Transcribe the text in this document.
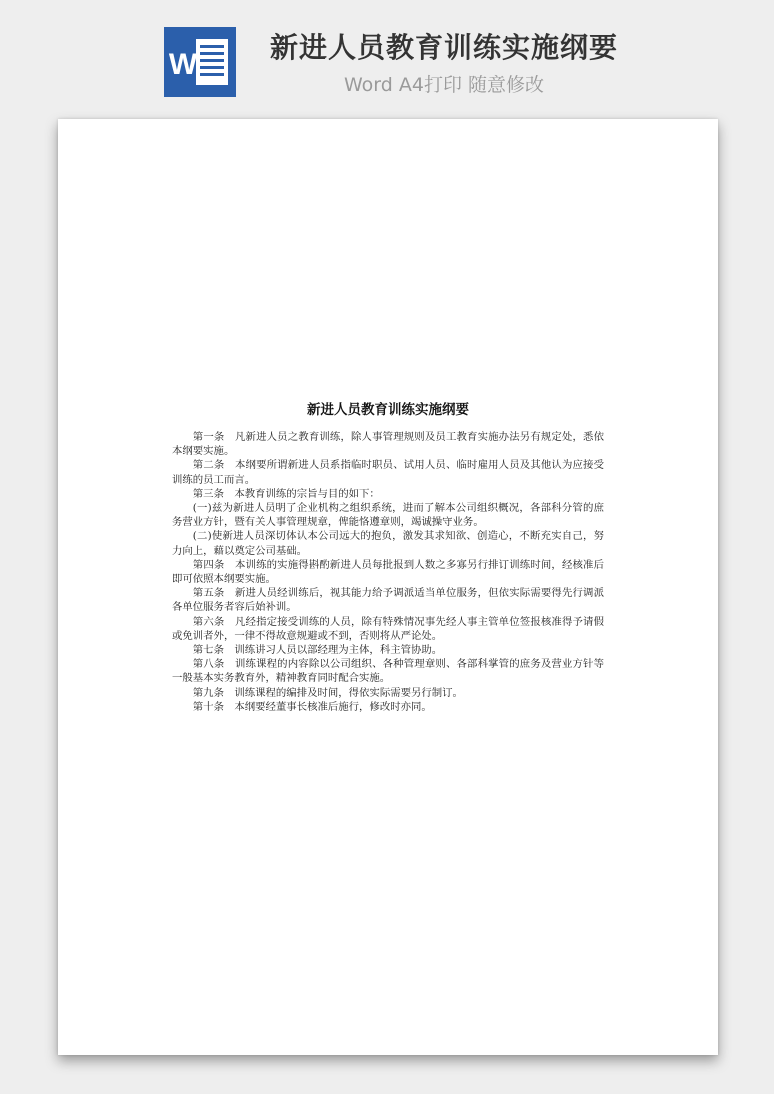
W
新进人员教育训练实施纲要
Word A4打印 随意修改
新进人员教育训练实施纲要

第一条　凡新进人员之教育训练，除人事管理规则及员工教育实施办法另有规定处，悉依本纲要实施。

第二条　本纲要所谓新进人员系指临时职员、试用人员、临时雇用人员及其他认为应接受训练的员工而言。

第三条　本教育训练的宗旨与目的如下：

(一)兹为新进人员明了企业机构之组织系统，进而了解本公司组织概况，各部科分管的庶务营业方针，暨有关人事管理规章，俾能恪遵章则，竭诚操守业务。

(二)使新进人员深切体认本公司远大的抱负，激发其求知欲、创造心，不断充实自己，努力向上，藉以奠定公司基础。

第四条　本训练的实施得斟酌新进人员每批报到人数之多寡另行排订训练时间，经核准后即可依照本纲要实施。

第五条　新进人员经训练后，视其能力给予调派适当单位服务，但依实际需要得先行调派各单位服务者容后始补训。

第六条　凡经指定接受训练的人员，除有特殊情况事先经人事主管单位签报核准得予请假或免训者外，一律不得故意规避或不到，否则将从严论处。

第七条　训练讲习人员以部经理为主体，科主管协助。

第八条　训练课程的内容除以公司组织、各种管理章则、各部科掌管的庶务及营业方针等一般基本实务教育外，精神教育同时配合实施。

第九条　训练课程的编排及时间，得依实际需要另行制订。

第十条　本纲要经董事长核准后施行，修改时亦同。
